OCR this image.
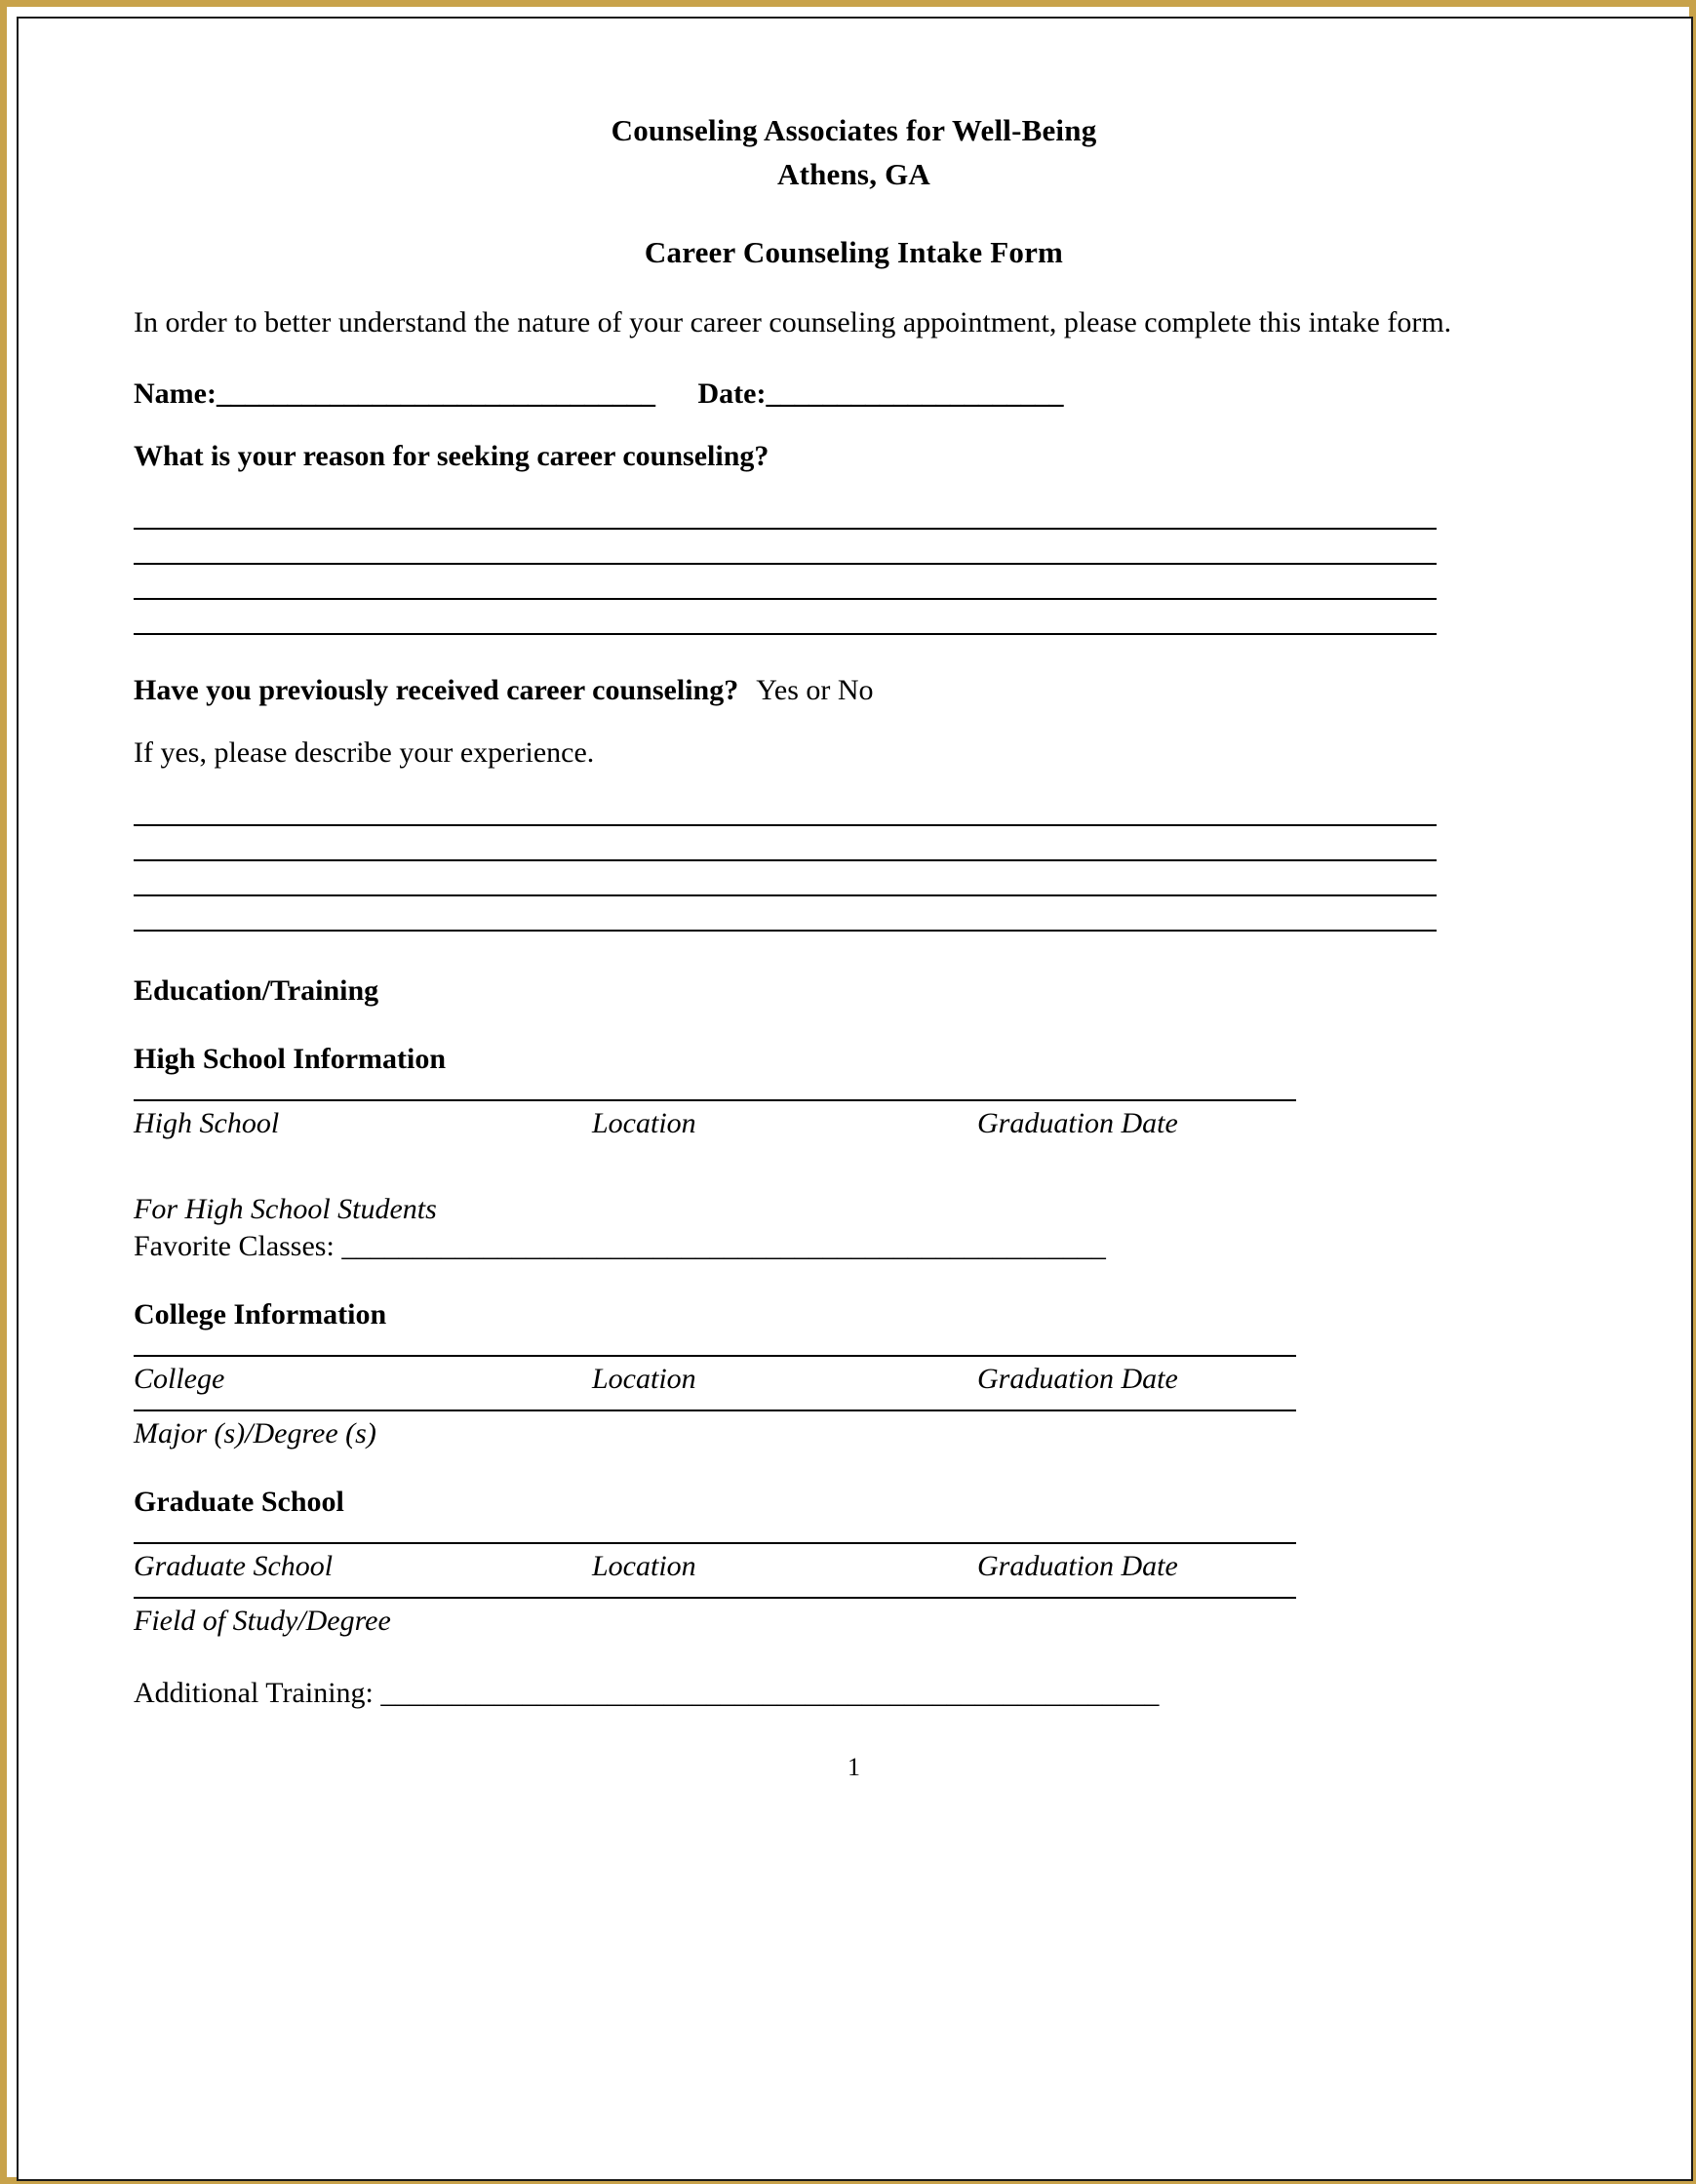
Counseling Associates for Well-Being
Athens, GA
Career Counseling Intake Form
In order to better understand the nature of your career counseling appointment, please complete this intake form.
Name:_______________________________ Date:_____________________
What is your reason for seeking career counseling?
Have you previously received career counseling? Yes or No
If yes, please describe your experience.
Education/Training
High School Information
High School	Location	Graduation Date
For High School Students
Favorite Classes: ______________________________________________________
College Information
College	Location	Graduation Date
Major (s)/Degree (s)
Graduate School
Graduate School	Location	Graduation Date
Field of Study/Degree
Additional Training: _______________________________________________________
1
